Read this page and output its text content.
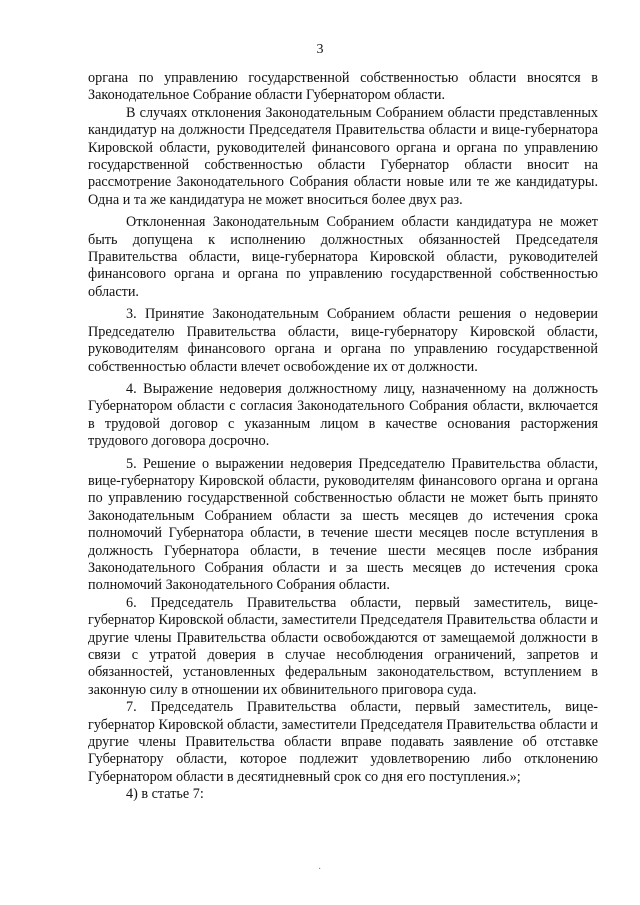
3

органа по управлению государственной собственностью области вносятся в Законодательное Собрание области Губернатором области.

В случаях отклонения Законодательным Собранием области представленных кандидатур на должности Председателя Правительства области и вице-губернатора Кировской области, руководителей финансового органа и органа по управлению государственной собственностью области Губернатор области вносит на рассмотрение Законодательного Собрания области новые или те же кандидатуры. Одна и та же кандидатура не может вноситься более двух раз.

Отклоненная Законодательным Собранием области кандидатура не может быть допущена к исполнению должностных обязанностей Председателя Правительства области, вице-губернатора Кировской области, руководителей финансового органа и органа по управлению государственной собственностью области.

3. Принятие Законодательным Собранием области решения о недоверии Председателю Правительства области, вице-губернатору Кировской области, руководителям финансового органа и органа по управлению государственной собственностью области влечет освобождение их от должности.

4. Выражение недоверия должностному лицу, назначенному на должность Губернатором области с согласия Законодательного Собрания области, включается в трудовой договор с указанным лицом в качестве основания расторжения трудового договора досрочно.

5. Решение о выражении недоверия Председателю Правительства области, вице-губернатору Кировской области, руководителям финансового органа и органа по управлению государственной собственностью области не может быть принято Законодательным Собранием области за шесть месяцев до истечения срока полномочий Губернатора области, в течение шести месяцев после вступления в должность Губернатора области, в течение шести месяцев после избрания Законодательного Собрания области и за шесть месяцев до истечения срока полномочий Законодательного Собрания области.

6. Председатель Правительства области, первый заместитель, вице-губернатор Кировской области, заместители Председателя Правительства области и другие члены Правительства области освобождаются от замещаемой должности в связи с утратой доверия в случае несоблюдения ограничений, запретов и обязанностей, установленных федеральным законодательством, вступлением в законную силу в отношении их обвинительного приговора суда.

7. Председатель Правительства области, первый заместитель, вице-губернатор Кировской области, заместители Председателя Правительства области и другие члены Правительства области вправе подавать заявление об отставке Губернатору области, которое подлежит удовлетворению либо отклонению Губернатором области в десятидневный срок со дня его поступления.»;

4) в статье 7:

·
